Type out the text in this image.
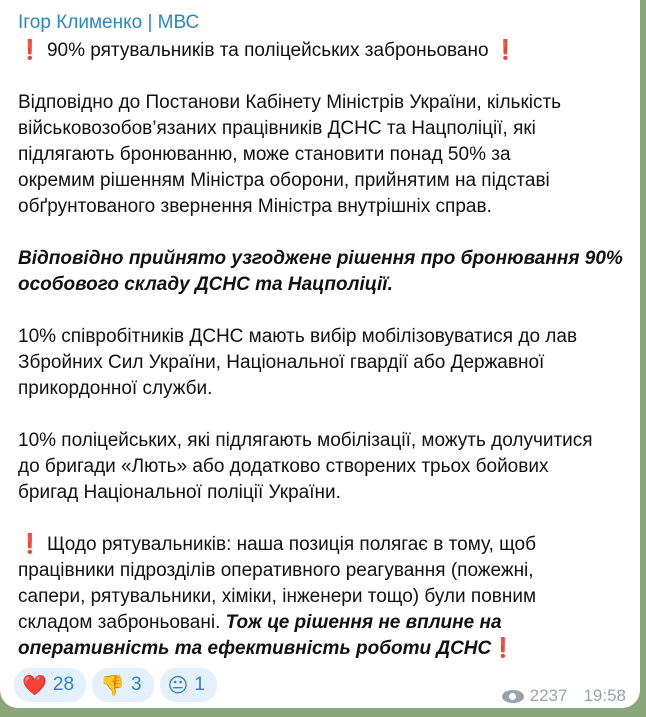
Ігор Клименко | МВС
❗ 90% рятувальників та поліцейських заброньовано ❗
Відповідно до Постанови Кабінету Міністрів України, кількість
військовозобов’язаних працівників ДСНС та Нацполіції, які
підлягають бронюванню, може становити понад 50% за
окремим рішенням Міністра оборони, прийнятим на підставі
обґрунтованого звернення Міністра внутрішніх справ.
Відповідно прийнято узгоджене рішення про бронювання 90%
особового складу ДСНС та Нацполіції.
10% співробітників ДСНС мають вибір мобілізовуватися до лав
Збройних Сил України, Національної гвардії або Державної
прикордонної служби.
10% поліцейських, які підлягають мобілізації, можуть долучитися
до бригади «Лють» або додатково створених трьох бойових
бригад Національної поліції України.
❗ Щодо рятувальників: наша позиція полягає в тому, щоб
працівники підрозділів оперативного реагування (пожежні,
сапери, рятувальники, хіміки, інженери тощо) були повним
складом заброньовані. Тож це рішення не вплине на
оперативність та ефективність роботи ДСНС❗
❤️ 28 👎 3 😐 1
2237 19:58
